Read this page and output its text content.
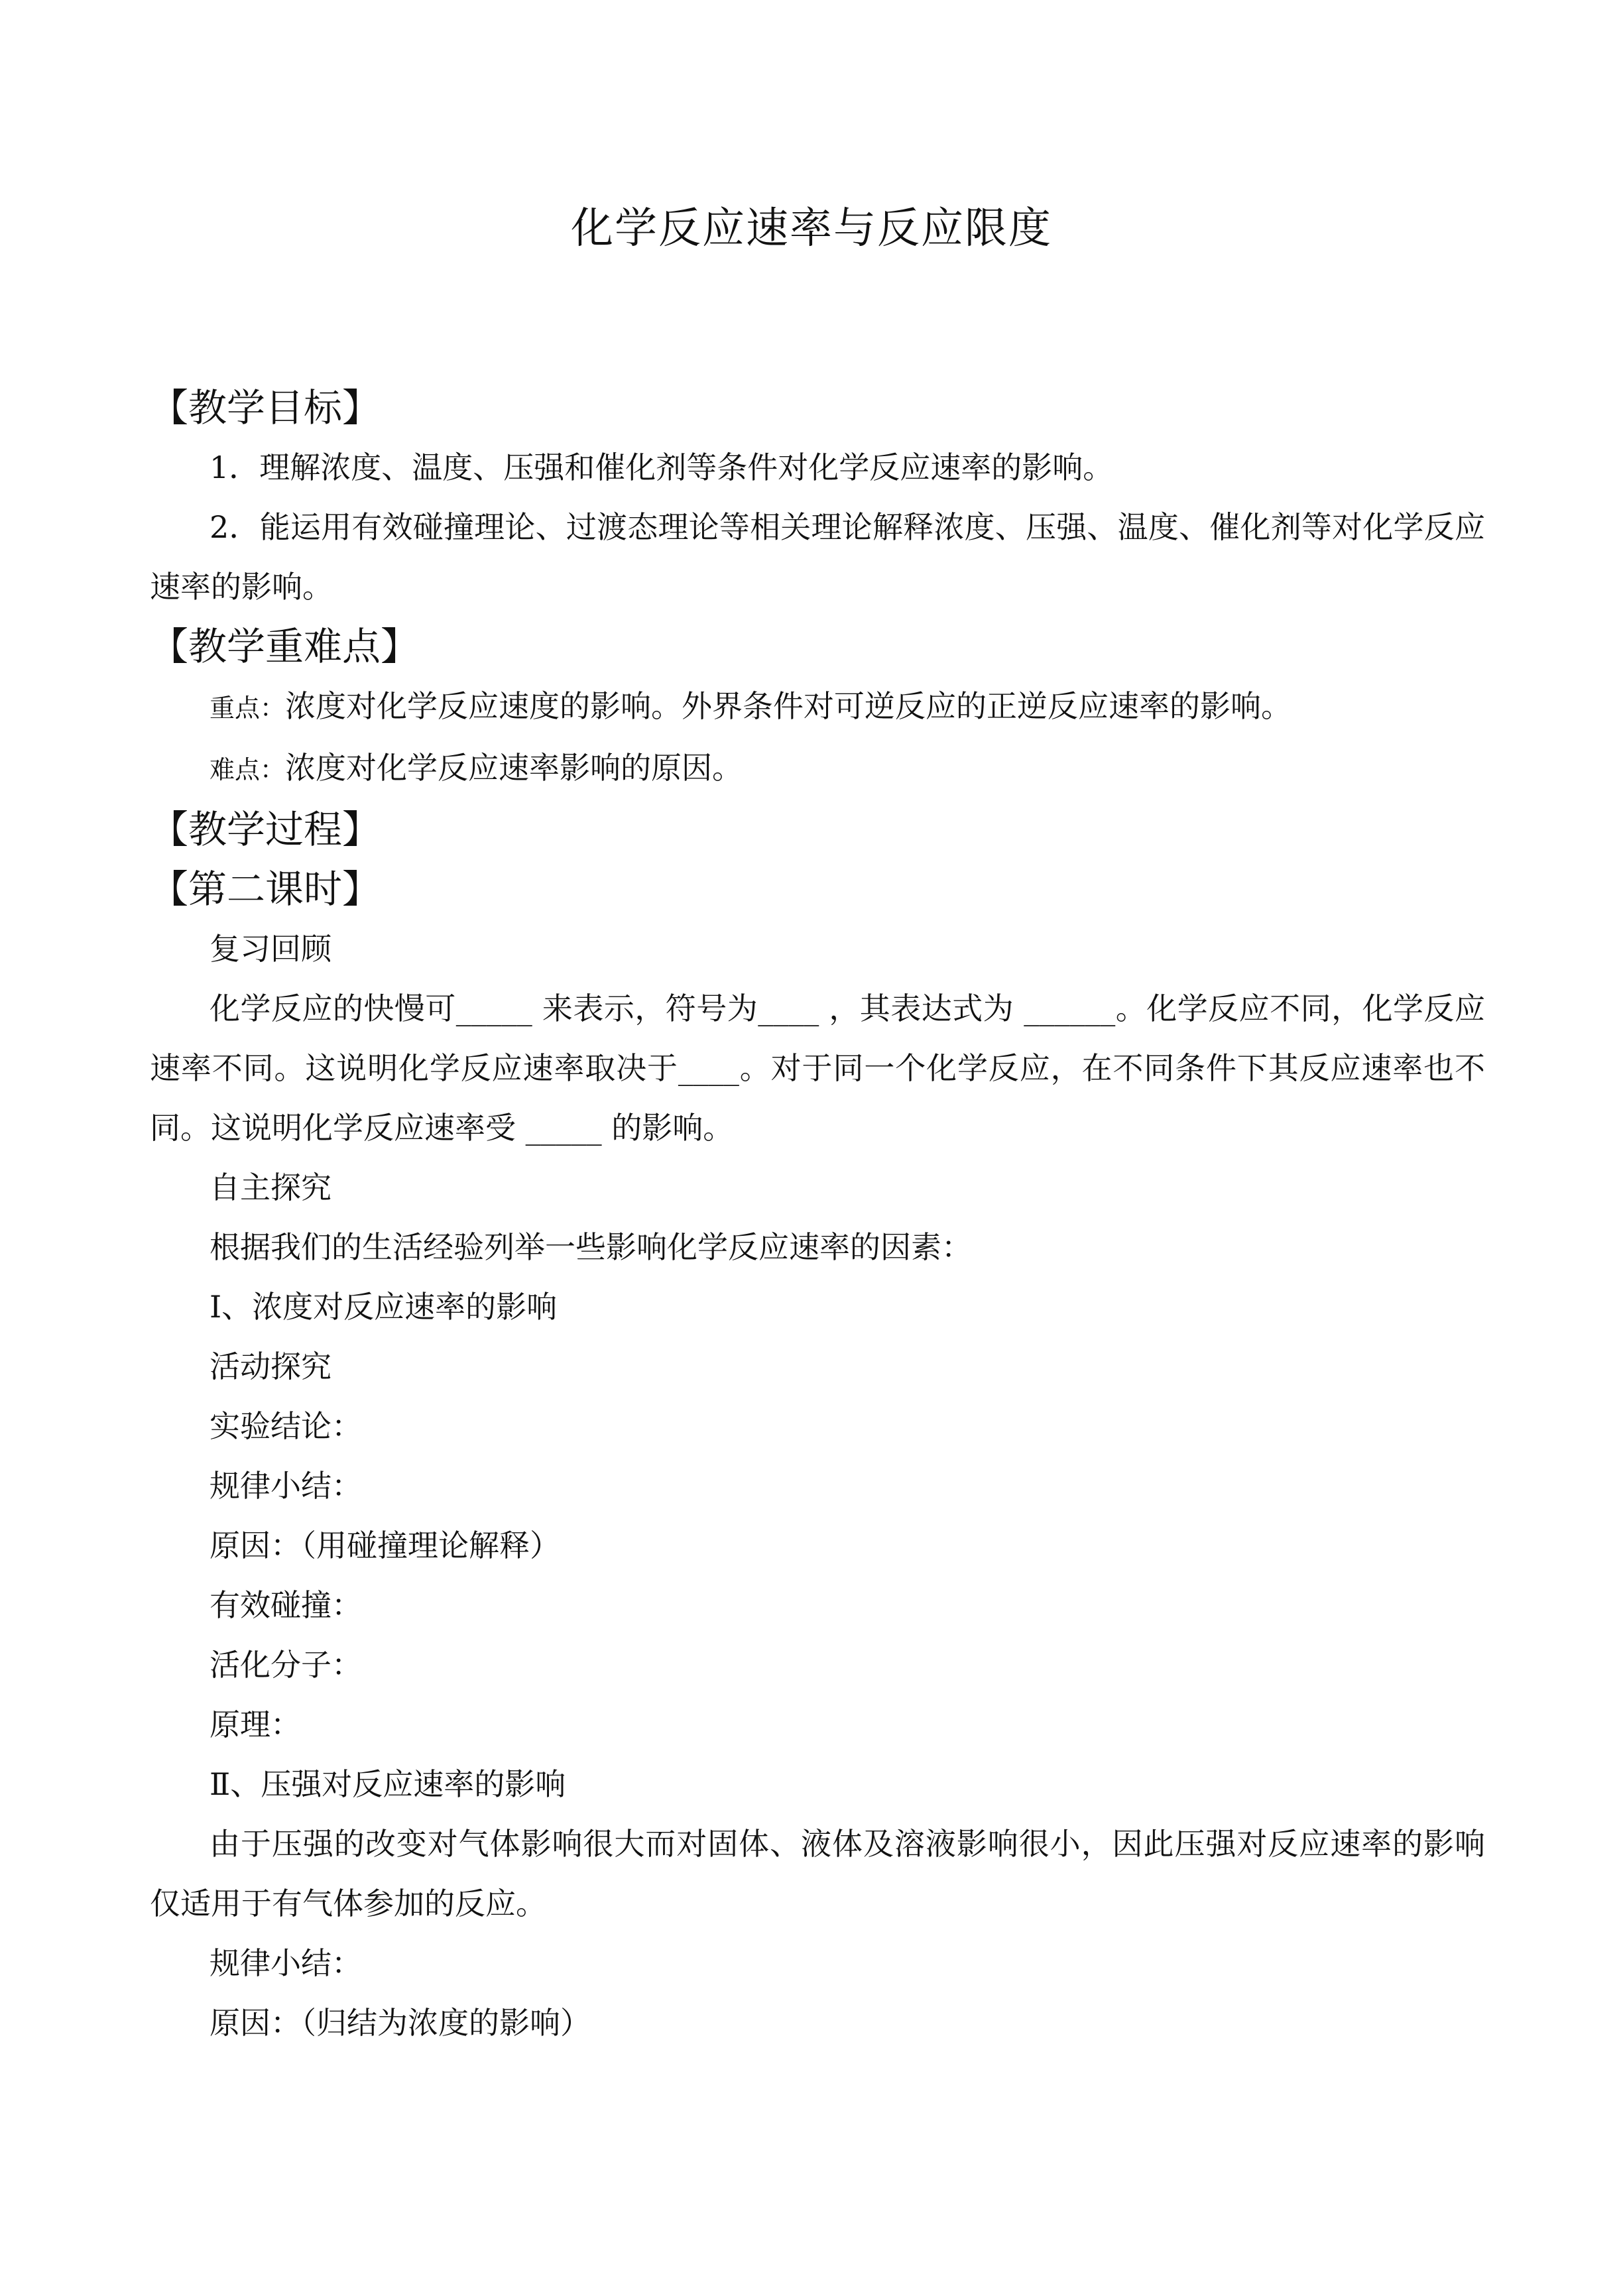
化学反应速率与反应限度
【教学目标】

1．理解浓度、温度、压强和催化剂等条件对化学反应速率的影响。

2．能运用有效碰撞理论、过渡态理论等相关理论解释浓度、压强、温度、催化剂等对化学反应速率的影响。

【教学重难点】

重点：浓度对化学反应速度的影响。外界条件对可逆反应的正逆反应速率的影响。

难点：浓度对化学反应速率影响的原因。

【教学过程】
【第二课时】

复习回顾

化学反应的快慢可_____ 来表示，符号为____ ，其表达式为 ______。化学反应不同，化学反应速率不同。这说明化学反应速率取决于____。对于同一个化学反应，在不同条件下其反应速率也不同。这说明化学反应速率受 _____ 的影响。

自主探究

根据我们的生活经验列举一些影响化学反应速率的因素：

Ⅰ、浓度对反应速率的影响

活动探究

实验结论：

规律小结：

原因：（用碰撞理论解释）

有效碰撞：

活化分子：

原理：

Ⅱ、压强对反应速率的影响

由于压强的改变对气体影响很大而对固体、液体及溶液影响很小，因此压强对反应速率的影响仅适用于有气体参加的反应。

规律小结：

原因：（归结为浓度的影响）
